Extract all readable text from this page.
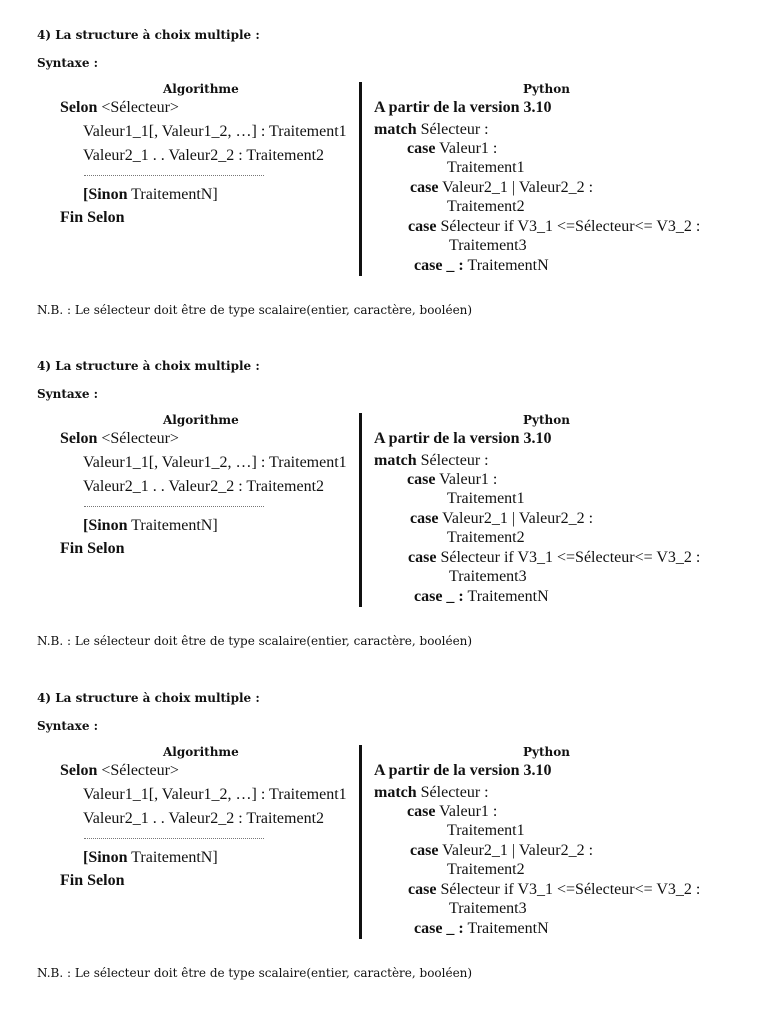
4) La structure à choix multiple :
Syntaxe :
Algorithme	Python
Selon <Sélecteur>
Valeur1_1[, Valeur1_2, …] : Traitement1
Valeur2_1 . . Valeur2_2 : Traitement2
[Sinon TraitementN]
Fin Selon
A partir de la version 3.10
match Sélecteur :
case Valeur1 :
Traitement1
case Valeur2_1 | Valeur2_2 :
Traitement2
case Sélecteur if V3_1 <=Sélecteur<= V3_2 :
Traitement3
case _ : TraitementN
N.B. : Le sélecteur doit être de type scalaire(entier, caractère, booléen)
4) La structure à choix multiple :
Syntaxe :
Algorithme	Python
Selon <Sélecteur>
Valeur1_1[, Valeur1_2, …] : Traitement1
Valeur2_1 . . Valeur2_2 : Traitement2
[Sinon TraitementN]
Fin Selon
A partir de la version 3.10
match Sélecteur :
case Valeur1 :
Traitement1
case Valeur2_1 | Valeur2_2 :
Traitement2
case Sélecteur if V3_1 <=Sélecteur<= V3_2 :
Traitement3
case _ : TraitementN
N.B. : Le sélecteur doit être de type scalaire(entier, caractère, booléen)
4) La structure à choix multiple :
Syntaxe :
Algorithme	Python
Selon <Sélecteur>
Valeur1_1[, Valeur1_2, …] : Traitement1
Valeur2_1 . . Valeur2_2 : Traitement2
[Sinon TraitementN]
Fin Selon
A partir de la version 3.10
match Sélecteur :
case Valeur1 :
Traitement1
case Valeur2_1 | Valeur2_2 :
Traitement2
case Sélecteur if V3_1 <=Sélecteur<= V3_2 :
Traitement3
case _ : TraitementN
N.B. : Le sélecteur doit être de type scalaire(entier, caractère, booléen)
